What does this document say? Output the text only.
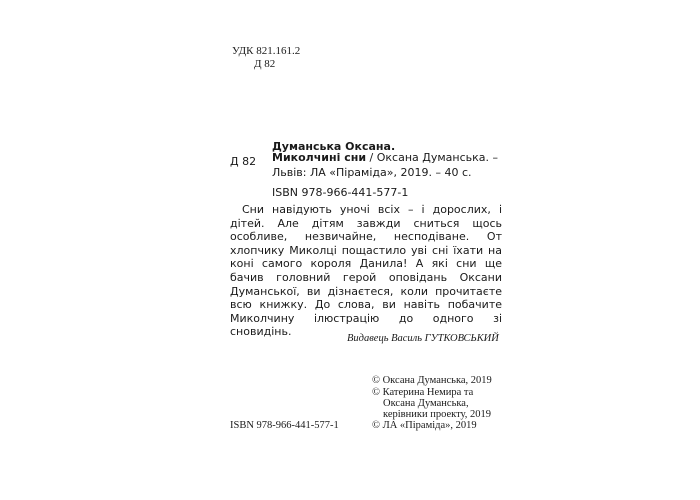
УДК 821.161.2
Д 82
Думанська Оксана.
Д 82 Миколчині сни / Оксана Думанська. – Львів: ЛА «Піраміда», 2019. – 40 с.
ISBN 978-966-441-577-1
Сни навідують уночі всіх – і дорослих, і дітей. Але дітям завжди сниться щось особливе, незвичайне, несподіване. От хлопчику Миколці пощастило уві сні їхати на коні самого короля Данила! А які сни ще бачив головний герой оповідань Оксани Думанської, ви дізнаєтеся, коли прочитаєте всю книжку. До слова, ви навіть побачите Миколчину ілюстрацію до одного зі сновидінь.
Видавець Василь ГУТКОВСЬКИЙ
© Оксана Думанська, 2019
© Катерина Немира та
Оксана Думанська,
керівники проекту, 2019
© ЛА «Піраміда», 2019
ISBN 978-966-441-577-1
